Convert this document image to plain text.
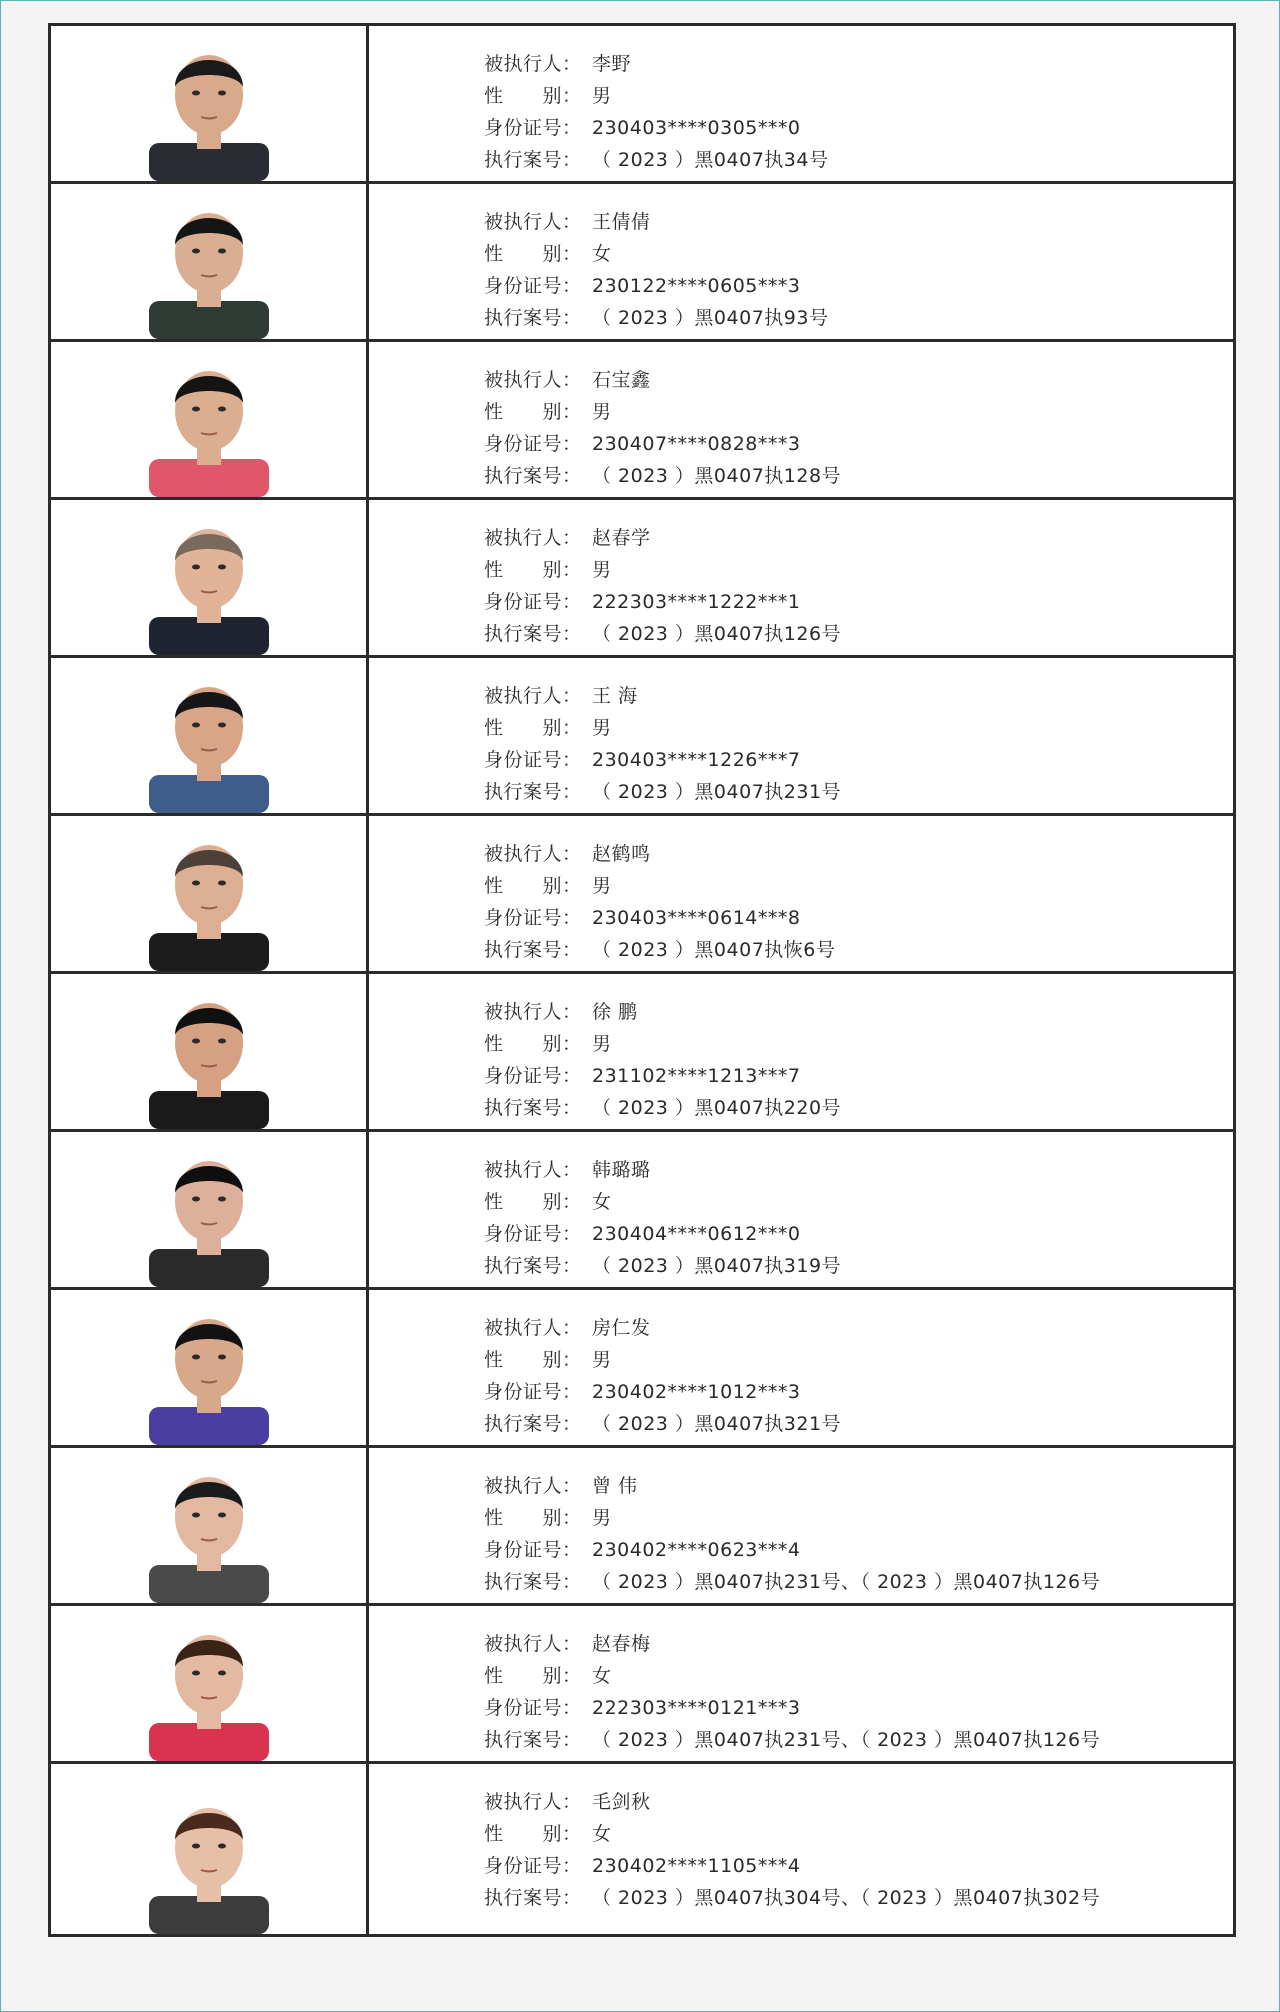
被执行人： 李野
性　　别： 男
身份证号： 230403****0305***0
执行案号： （ 2023 ）黑0407执34号
被执行人： 王倩倩
性　　别： 女
身份证号： 230122****0605***3
执行案号： （ 2023 ）黑0407执93号
被执行人： 石宝鑫
性　　别： 男
身份证号： 230407****0828***3
执行案号： （ 2023 ）黑0407执128号
被执行人： 赵春学
性　　别： 男
身份证号： 222303****1222***1
执行案号： （ 2023 ）黑0407执126号
被执行人： 王 海
性　　别： 男
身份证号： 230403****1226***7
执行案号： （ 2023 ）黑0407执231号
被执行人： 赵鹤鸣
性　　别： 男
身份证号： 230403****0614***8
执行案号： （ 2023 ）黑0407执恢6号
被执行人： 徐 鹏
性　　别： 男
身份证号： 231102****1213***7
执行案号： （ 2023 ）黑0407执220号
被执行人： 韩璐璐
性　　别： 女
身份证号： 230404****0612***0
执行案号： （ 2023 ）黑0407执319号
被执行人： 房仁发
性　　别： 男
身份证号： 230402****1012***3
执行案号： （ 2023 ）黑0407执321号
被执行人： 曾 伟
性　　别： 男
身份证号： 230402****0623***4
执行案号： （ 2023 ）黑0407执231号、（ 2023 ）黑0407执126号
被执行人： 赵春梅
性　　别： 女
身份证号： 222303****0121***3
执行案号： （ 2023 ）黑0407执231号、（ 2023 ）黑0407执126号
被执行人： 毛剑秋
性　　别： 女
身份证号： 230402****1105***4
执行案号： （ 2023 ）黑0407执304号、（ 2023 ）黑0407执302号
